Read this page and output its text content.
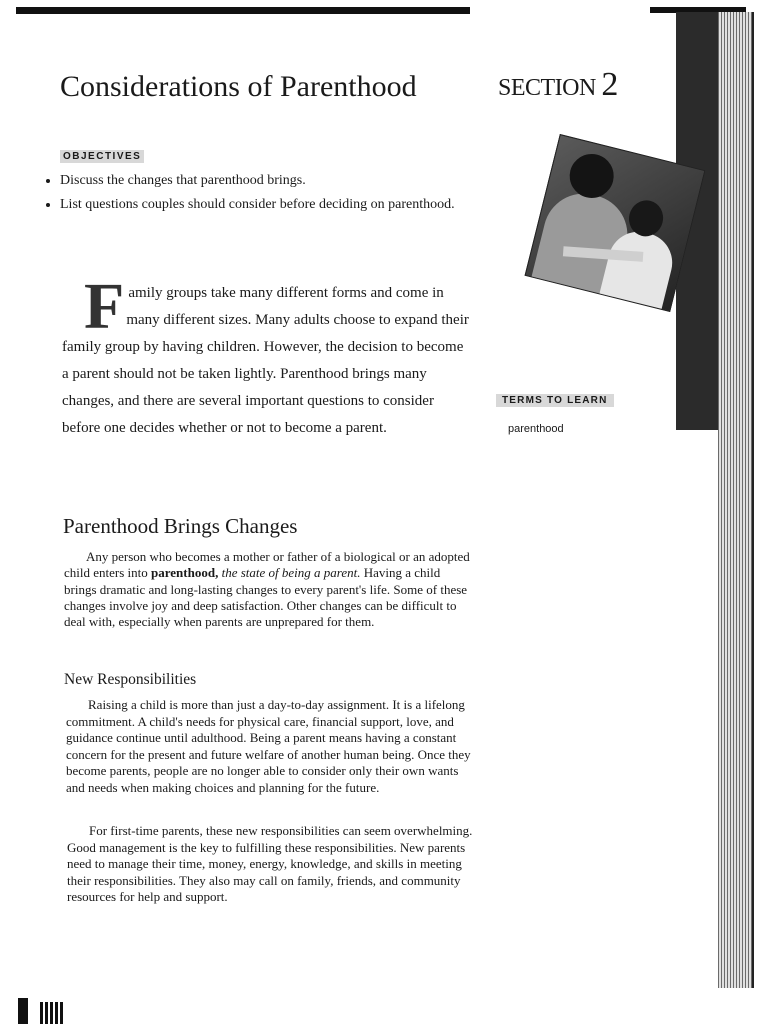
Considerations of Parenthood	SECTION 2
OBJECTIVES
• Discuss the changes that parenthood brings.
• List questions couples should consider before deciding on parenthood.

Family groups take many different forms and come in many different sizes. Many adults choose to expand their family group by having children. However, the decision to become a parent should not be taken lightly. Parenthood brings many changes, and there are several important questions to consider before one decides whether or not to become a parent.

TERMS TO LEARN
parenthood
Parenthood Brings Changes

Any person who becomes a mother or father of a biological or an adopted child enters into parenthood, the state of being a parent. Having a child brings dramatic and long-lasting changes to every parent's life. Some of these changes involve joy and deep satisfaction. Other changes can be difficult to deal with, especially when parents are unprepared for them.

New Responsibilities

Raising a child is more than just a day-to-day assignment. It is a lifelong commitment. A child's needs for physical care, financial support, love, and guidance continue until adulthood. Being a parent means having a constant concern for the present and future welfare of another human being. Once they become parents, people are no longer able to consider only their own wants and needs when making choices and planning for the future.

For first-time parents, these new responsibilities can seem overwhelming. Good management is the key to fulfilling these responsibilities. New parents need to manage their time, money, energy, knowledge, and skills in meeting their responsibilities. They also may call on family, friends, and community resources for help and support.
